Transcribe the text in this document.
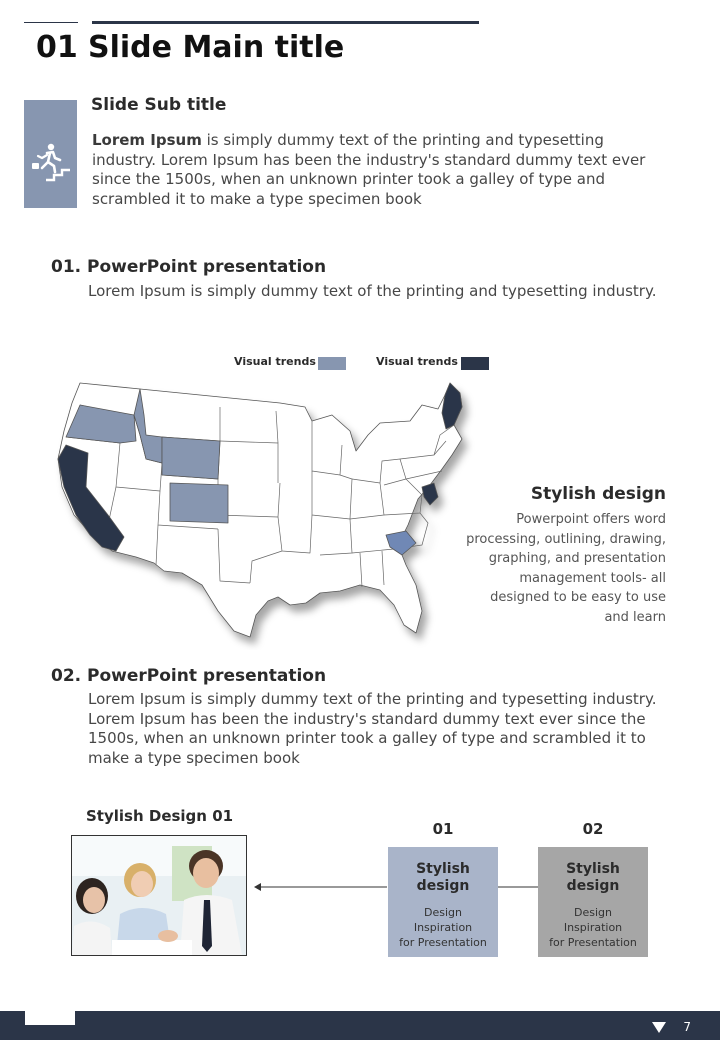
01 Slide Main title
Slide Sub title
Lorem Ipsum is simply dummy text of the printing and typesetting industry. Lorem Ipsum has been the industry's standard dummy text ever since the 1500s, when an unknown printer took a galley of type and scrambled it to make a type specimen book
01. PowerPoint presentation
Lorem Ipsum is simply dummy text of the printing and typesetting industry.
Visual trends	Visual trends
Stylish design
Powerpoint offers word processing, outlining, drawing, graphing, and presentation management tools- all designed to be easy to use and learn
02. PowerPoint presentation
Lorem Ipsum is simply dummy text of the printing and typesetting industry. Lorem Ipsum has been the industry's standard dummy text ever since the 1500s, when an unknown printer took a galley of type and scrambled it to make a type specimen book
Stylish Design 01
01
Stylish
design
Design
Inspiration
for Presentation
02
Stylish
design
Design
Inspiration
for Presentation
7
